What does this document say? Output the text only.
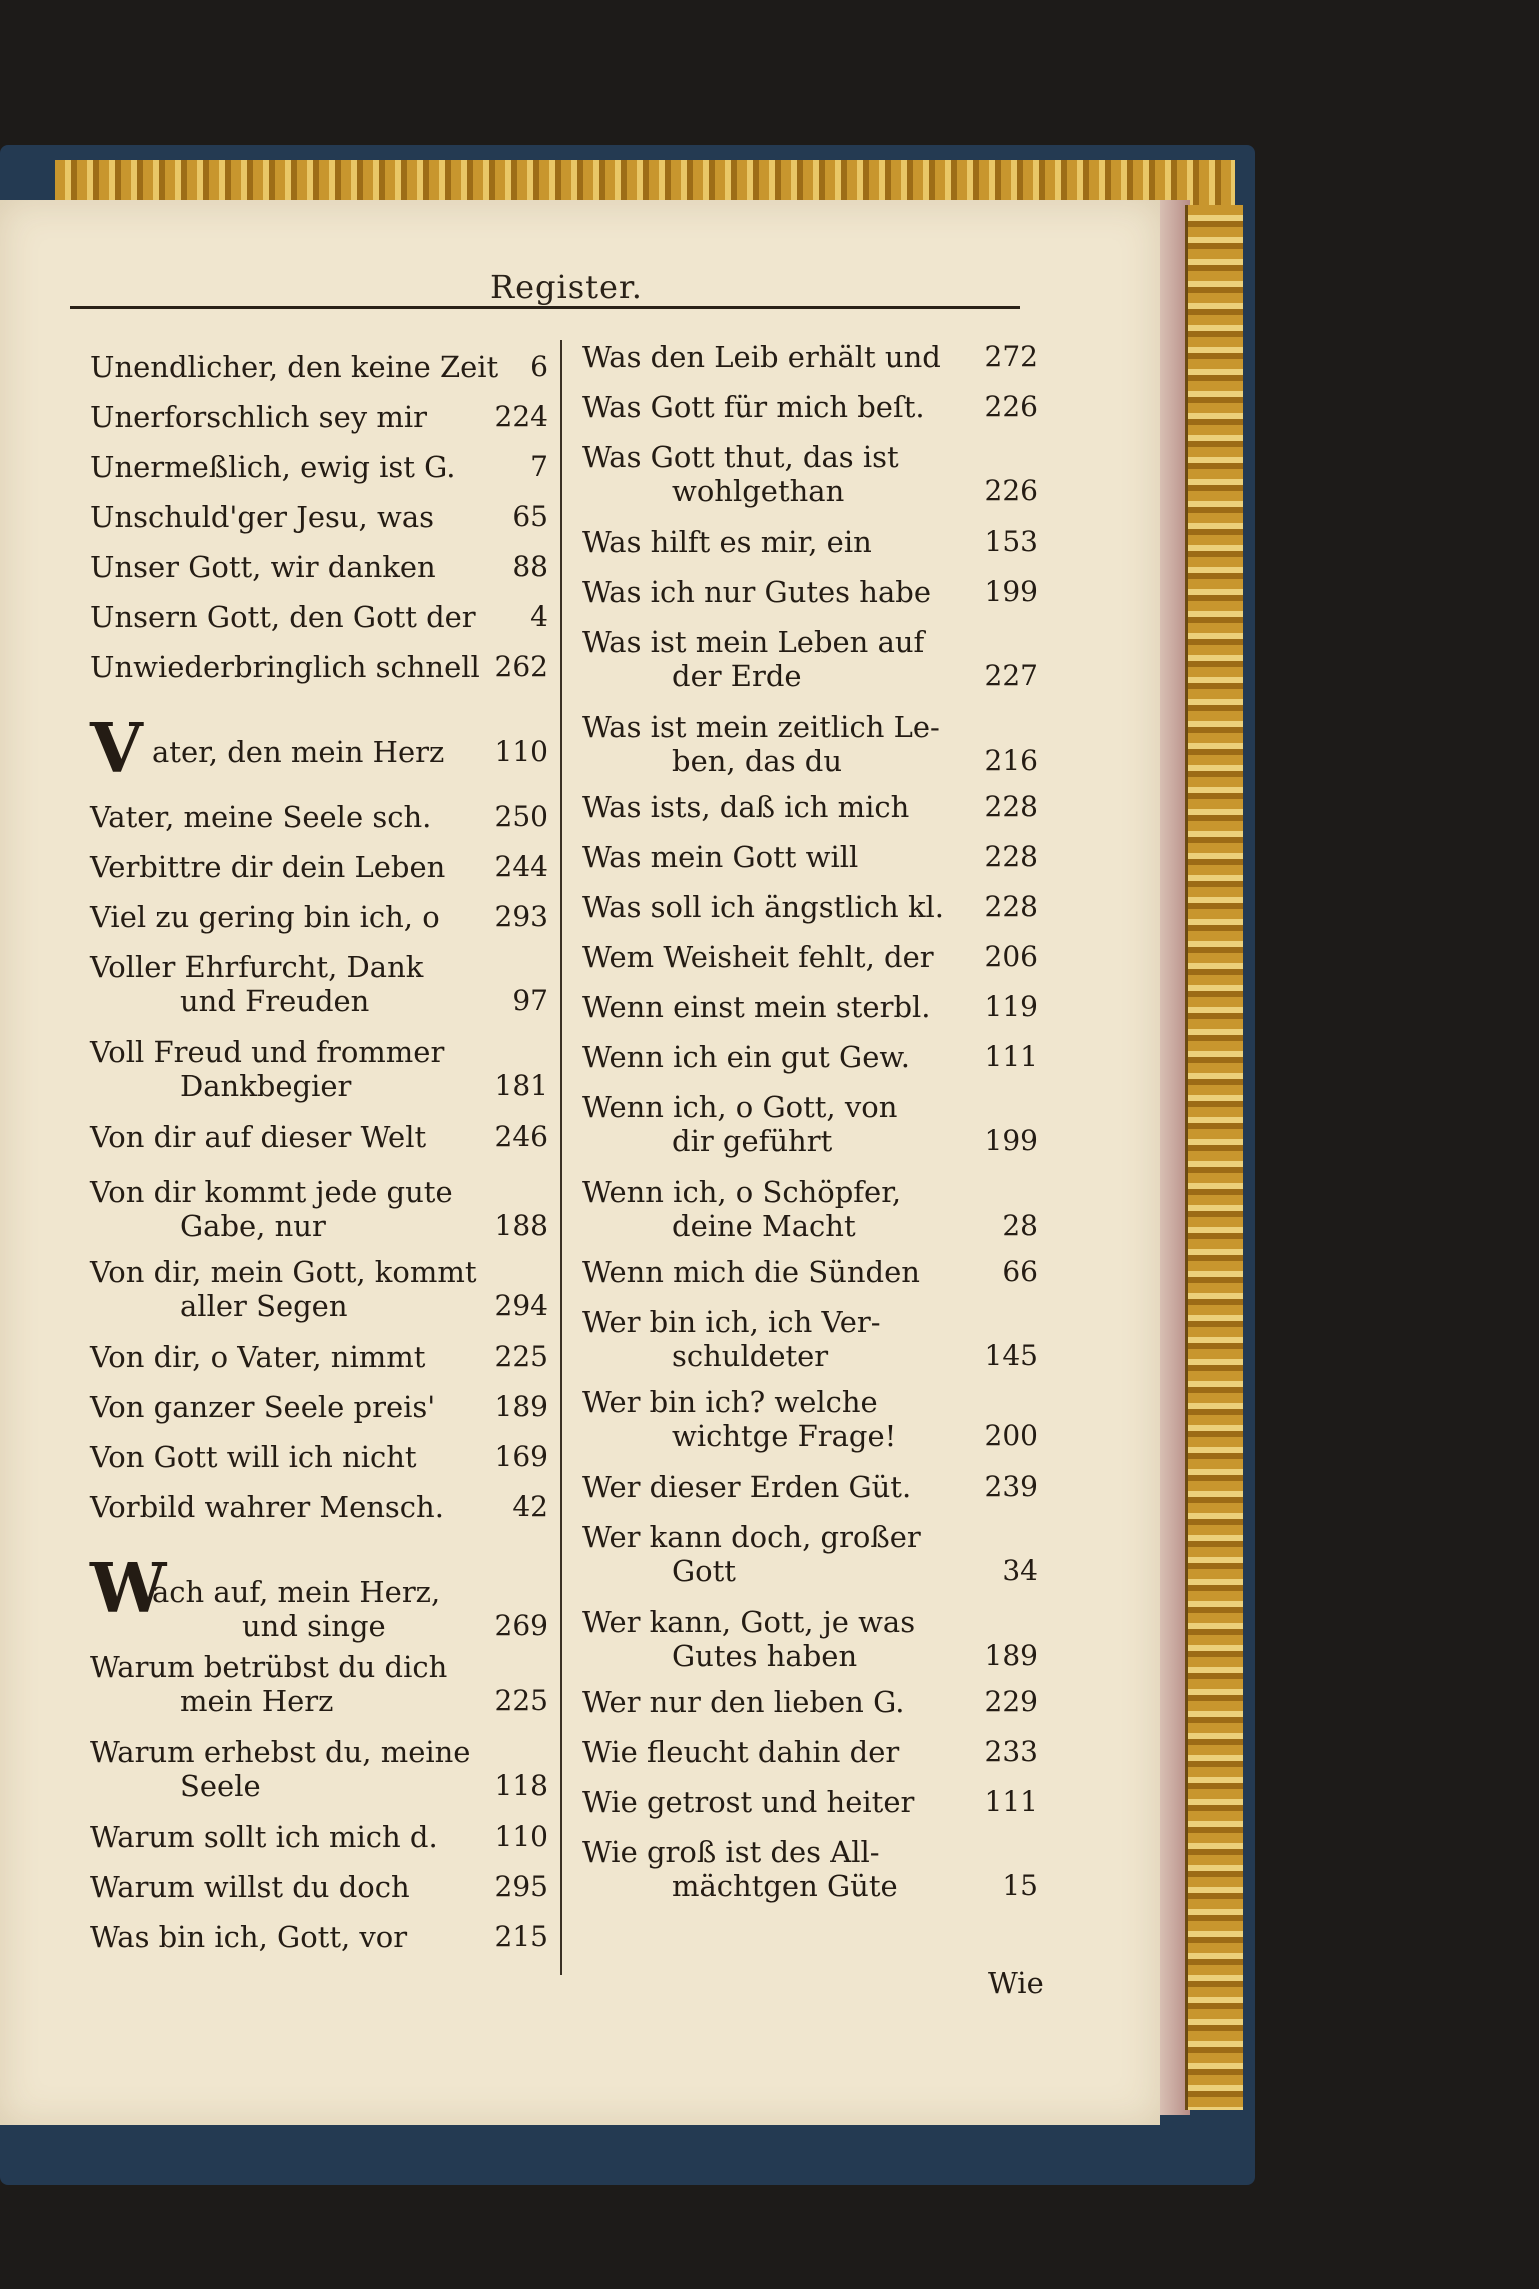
Register.
Unendlicher, den keine Zeit	6
Unerforschlich sey mir 224
Unermeßlich, ewig ist G.	7
Unschuld'ger Jesu, was	65
Unser Gott, wir danken	88
Unsern Gott, den Gott der	4
Unwiederbringlich schnell 262
V ater, den mein Herz 110
Vater, meine Seele sch. 250
Verbittre dir dein Leben 244
Viel zu gering bin ich, o 293
Voller Ehrfurcht, Dank
und Freuden	97
Voll Freud und frommer
Dankbegier	181
Von dir auf dieser Welt 246
Von dir kommt jede gute
Gabe, nur	188
Von dir, mein Gott, kommt
aller Segen	294
Von dir, o Vater, nimmt 225
Von ganzer Seele preis' 189
Von Gott will ich nicht	169
Vorbild wahrer Mensch.	42
W
ach auf, mein Herz,
und singe	269
Warum betrübst du dich
mein Herz	225
Warum erhebst du, meine
Seele	118
Warum sollt ich mich d. 110
Warum willst du doch	295
Was bin ich, Gott, vor	215
Was den Leib erhält und 272
Was Gott für mich beſt. 226
Was Gott thut, das ist
wohlgethan	226
Was hilft es mir, ein	153
Was ich nur Gutes habe 199
Was ist mein Leben auf
der Erde	227
Was ist mein zeitlich Le-
ben, das du	216
Was ists, daß ich mich	228
Was mein Gott will	228
Was soll ich ängstlich kl. 228
Wem Weisheit fehlt, der 206
Wenn einst mein sterbl. 119
Wenn ich ein gut Gew.	111
Wenn ich, o Gott, von
dir geführt	199
Wenn ich, o Schöpfer,
deine Macht	28
Wenn mich die Sünden	66
Wer bin ich, ich Ver-
schuldeter	145
Wer bin ich? welche
wichtge Frage!	200
Wer dieser Erden Güt.	239
Wer kann doch, großer
Gott	34
Wer kann, Gott, je was
Gutes haben	189
Wer nur den lieben G.	229
Wie fleucht dahin der	233
Wie getrost und heiter	111
Wie groß ist des All-
mächtgen Güte	15
Wie
